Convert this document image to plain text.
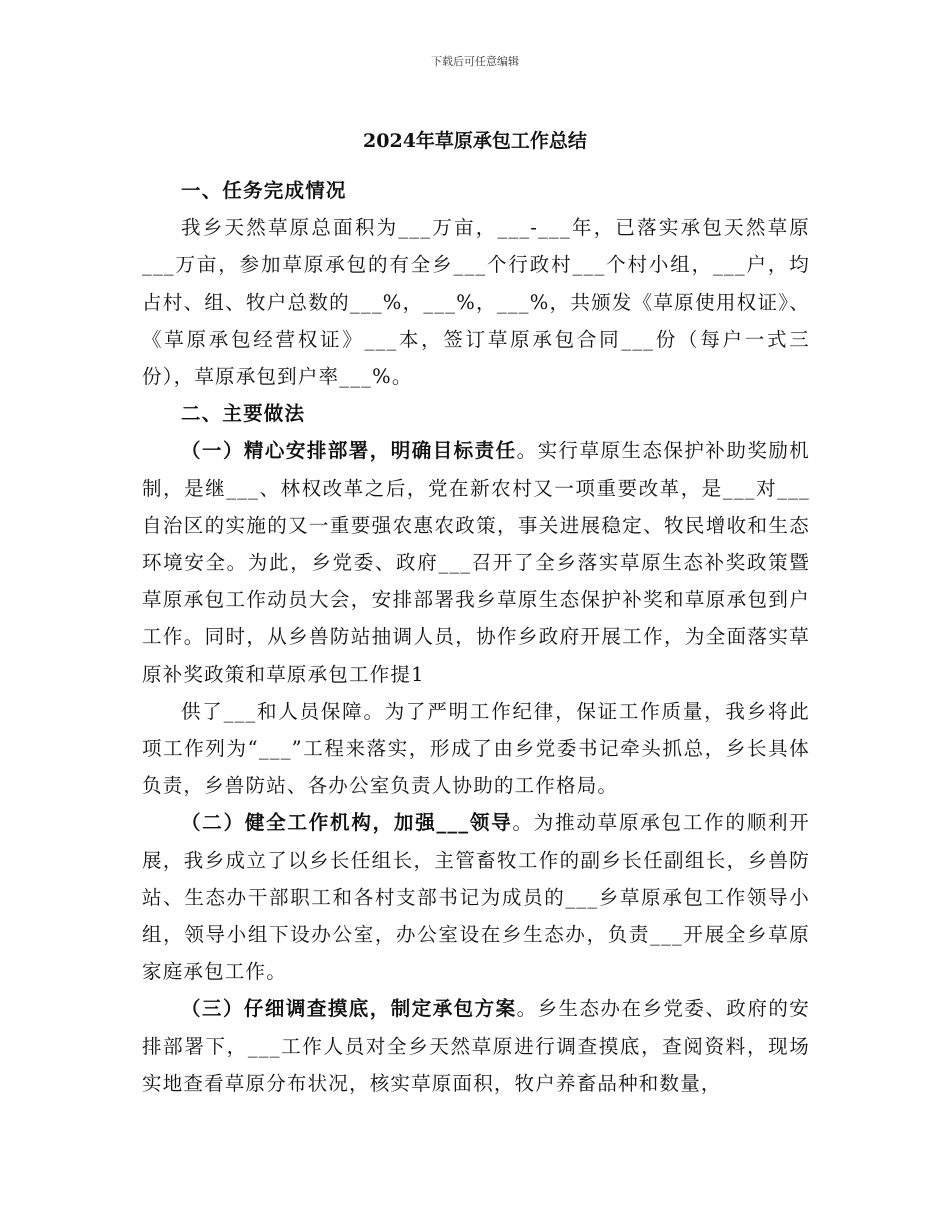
下载后可任意编辑
2024年草原承包工作总结
一、任务完成情况

我乡天然草原总面积为___万亩，___-___年，已落实承包天然草原___万亩，参加草原承包的有全乡___个行政村___个村小组，___户，均占村、组、牧户总数的___%，___%，___%，共颁发《草原使用权证》、《草原承包经营权证》___本，签订草原承包合同___份（每户一式三份），草原承包到户率___%。

二、主要做法

（一）精心安排部署，明确目标责任。实行草原生态保护补助奖励机制，是继___、林权改革之后，党在新农村又一项重要改革，是___对___自治区的实施的又一重要强农惠农政策，事关进展稳定、牧民增收和生态环境安全。为此，乡党委、政府___召开了全乡落实草原生态补奖政策暨草原承包工作动员大会，安排部署我乡草原生态保护补奖和草原承包到户工作。同时，从乡兽防站抽调人员，协作乡政府开展工作，为全面落实草原补奖政策和草原承包工作提1

供了___和人员保障。为了严明工作纪律，保证工作质量，我乡将此项工作列为“___”工程来落实，形成了由乡党委书记牵头抓总，乡长具体负责，乡兽防站、各办公室负责人协助的工作格局。

（二）健全工作机构，加强___领导。为推动草原承包工作的顺利开展，我乡成立了以乡长任组长，主管畜牧工作的副乡长任副组长，乡兽防站、生态办干部职工和各村支部书记为成员的___乡草原承包工作领导小组，领导小组下设办公室，办公室设在乡生态办，负责___开展全乡草原家庭承包工作。

（三）仔细调查摸底，制定承包方案。乡生态办在乡党委、政府的安排部署下，___工作人员对全乡天然草原进行调查摸底，查阅资料，现场实地查看草原分布状况，核实草原面积，牧户养畜品种和数量，
